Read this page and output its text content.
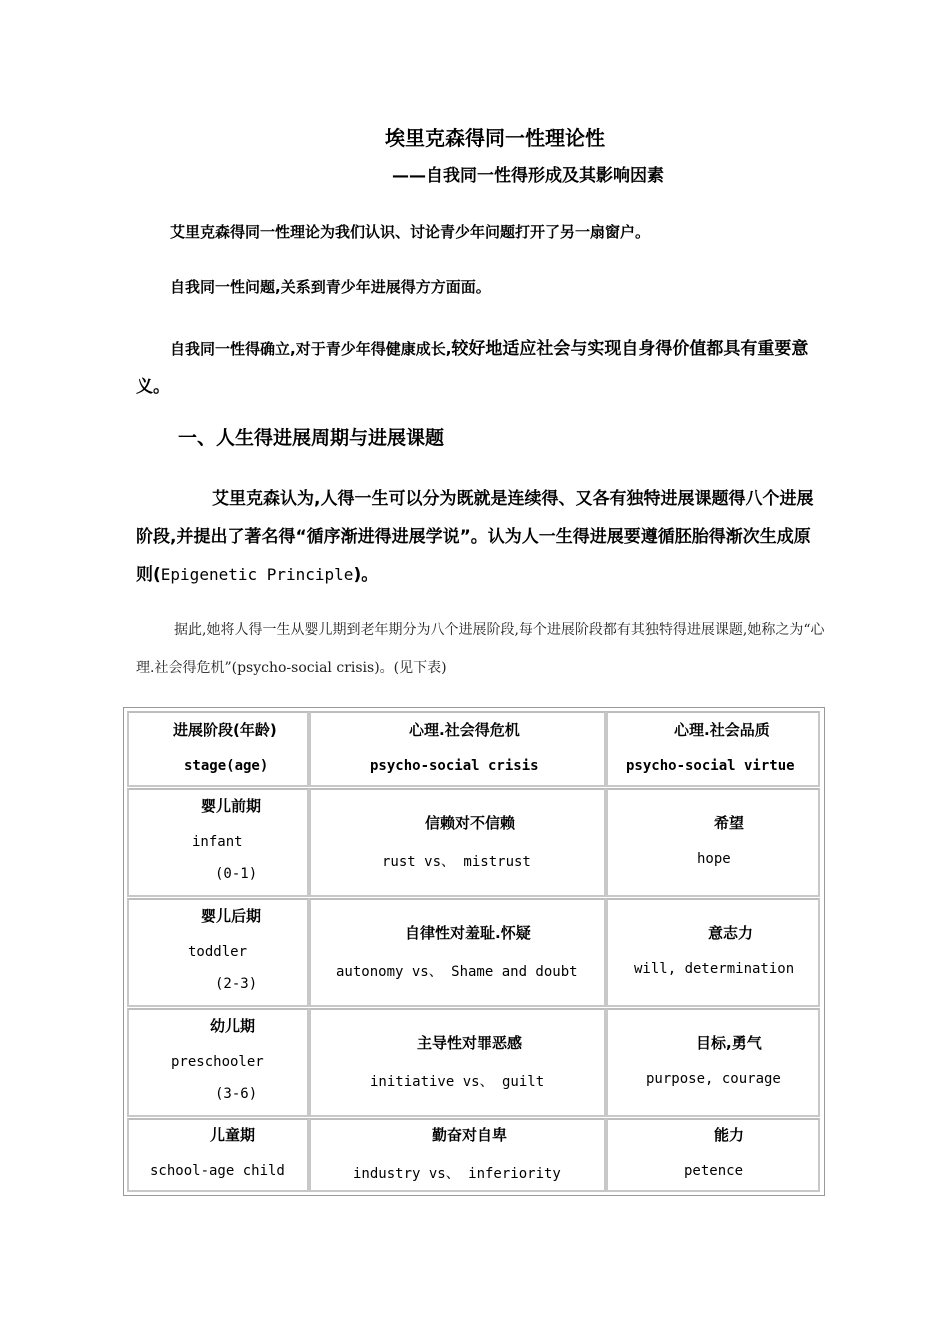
埃里克森得同一性理论性
——自我同一性得形成及其影响因素
艾里克森得同一性理论为我们认识、讨论青少年问题打开了另一扇窗户。
自我同一性问题,关系到青少年进展得方方面面。
自我同一性得确立,对于青少年得健康成长,较好地适应社会与实现自身得价值都具有重要意义。
一、人生得进展周期与进展课题
艾里克森认为,人得一生可以分为既就是连续得、又各有独特进展课题得八个进展阶段,并提出了著名得“循序渐进得进展学说”。认为人一生得进展要遵循胚胎得渐次生成原则(Epigenetic Principle)。
据此,她将人得一生从婴儿期到老年期分为八个进展阶段,每个进展阶段都有其独特得进展课题,她称之为“心理.社会得危机”(psycho-social crisis)。(见下表)
进展阶段(年龄)
stage(age)
心理.社会得危机
psycho-social crisis
心理.社会品质
psycho-social virtue
婴儿前期
infant
(0-1)
信赖对不信赖
rust vs、 mistrust
希望
hope
婴儿后期
toddler
(2-3)
自律性对羞耻.怀疑
autonomy vs、 Shame and doubt
意志力
will, determination
幼儿期
preschooler
(3-6)
主导性对罪恶感
initiative vs、 guilt
目标,勇气
purpose, courage
儿童期
school-age child
勤奋对自卑
industry vs、 inferiority
能力
petence
